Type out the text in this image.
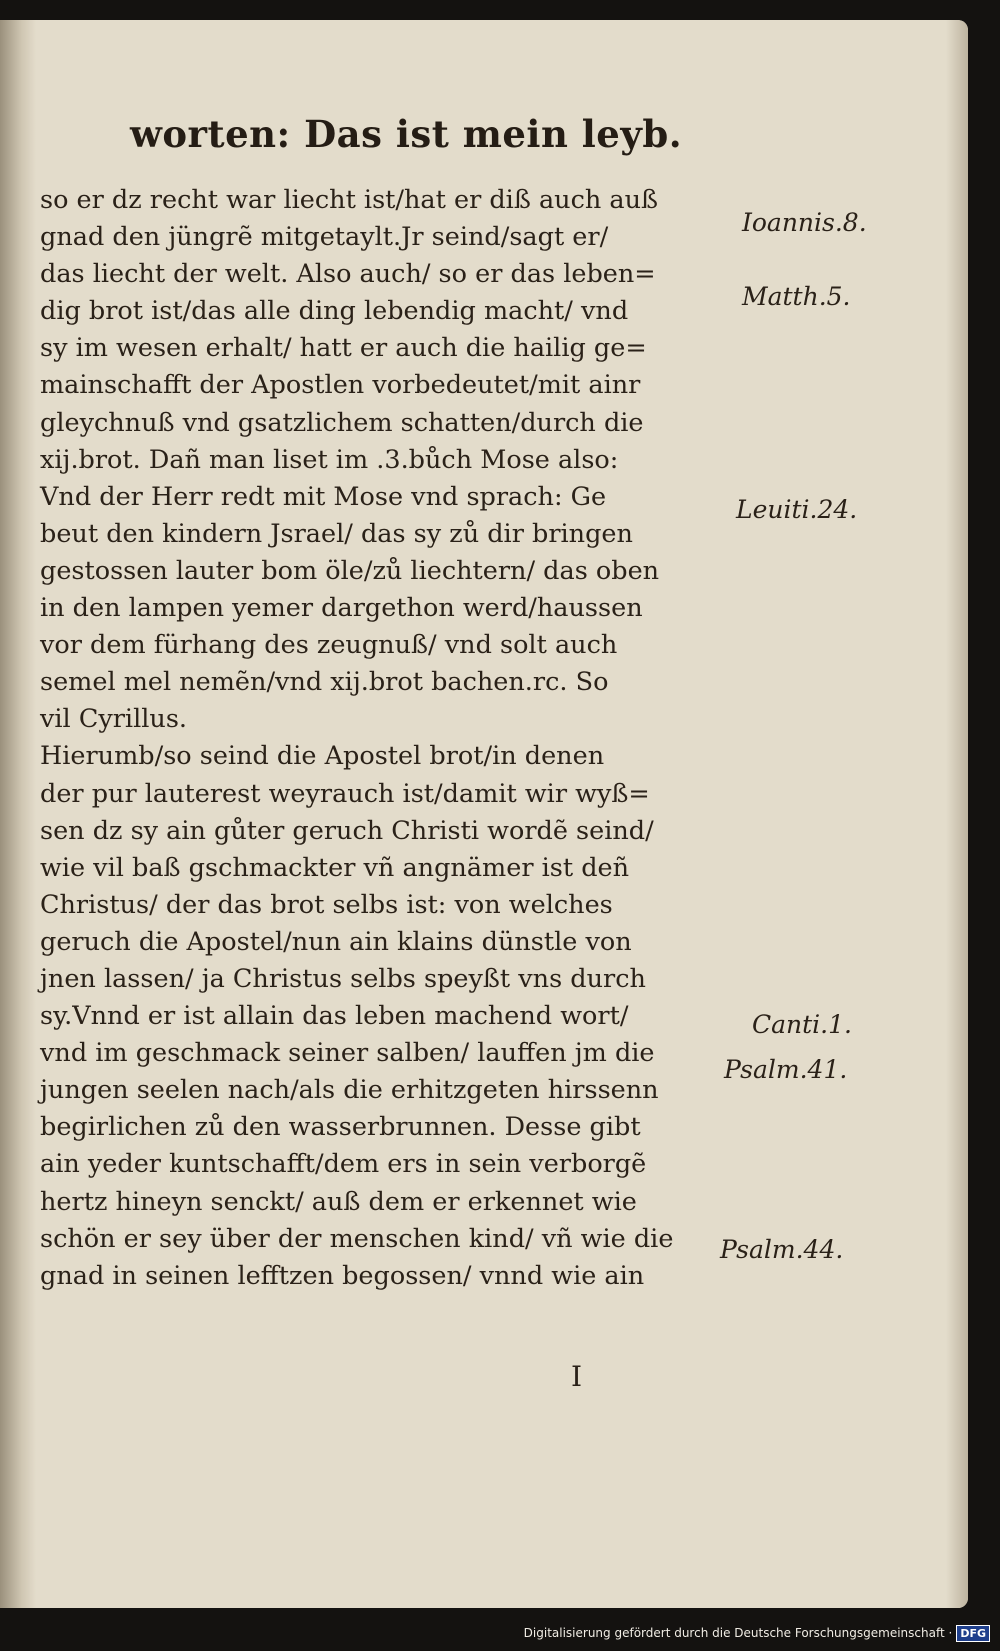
worten: Das ist mein leyb.
so er dz recht war liecht ist/hat er diß auch auß
gnad den jüngrẽ mitgetaylt.Jr seind/sagt er/
das liecht der welt. Also auch/ so er das leben=
dig brot ist/das alle ding lebendig macht/ vnd
sy im wesen erhalt/ hatt er auch die hailig ge=
mainschafft der Apostlen vorbedeutet/mit ainr
gleychnuß vnd gsatzlichem schatten/durch die
xij.brot. Dañ man liset im .3.bůch Mose also:
Vnd der Herr redt mit Mose vnd sprach: Ge
beut den kindern Jsrael/ das sy zů dir bringen
gestossen lauter bom öle/zů liechtern/ das oben
in den lampen yemer dargethon werd/haussen
vor dem fürhang des zeugnuß/ vnd solt auch
semel mel nemẽn/vnd xij.brot bachen.rc. So
vil Cyrillus.
Hierumb/so seind die Apostel brot/in denen
der pur lauterest weyrauch ist/damit wir wyß=
sen dz sy ain gůter geruch Christi wordẽ seind/
wie vil baß gschmackter vñ angnämer ist deñ
Christus/ der das brot selbs ist: von welches
geruch die Apostel/nun ain klains dünstle von
jnen lassen/ ja Christus selbs speyßt vns durch
sy.Vnnd er ist allain das leben machend wort/
vnd im geschmack seiner salben/ lauffen jm die
jungen seelen nach/als die erhitzgeten hirssenn
begirlichen zů den wasserbrunnen. Desse gibt
ain yeder kuntschafft/dem ers in sein verborgẽ
hertz hineyn senckt/ auß dem er erkennet wie
schön er sey über der menschen kind/ vñ wie die
gnad in seinen lefftzen begossen/ vnnd wie ain
Ioannis.8.
Matth.5.
Leuiti.24.
Canti.1.
Psalm.41.
Psalm.44.
I
Digitalisierung gefördert durch die Deutsche Forschungsgemeinschaft · DFG
